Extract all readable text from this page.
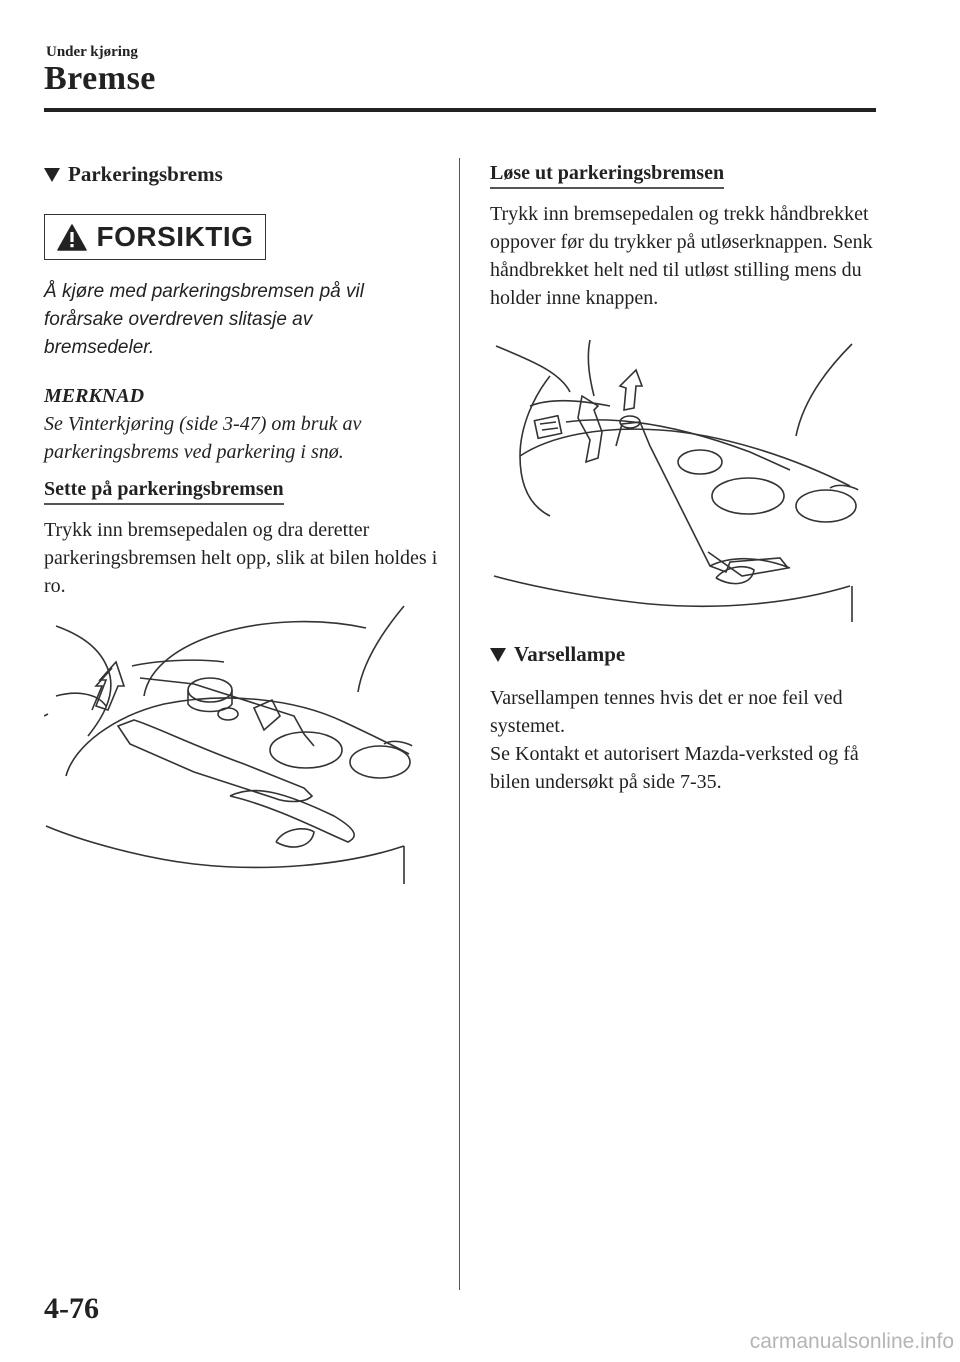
Under kjøring
Bremse
Parkeringsbrems
FORSIKTIG
Å kjøre med parkeringsbremsen på vil forårsake overdreven slitasje av bremsedeler.
MERKNAD
Se Vinterkjøring (side 3-47) om bruk av parkeringsbrems ved parkering i snø.
Sette på parkeringsbremsen
Trykk inn bremsepedalen og dra deretter parkeringsbremsen helt opp, slik at bilen holdes i ro.
Løse ut parkeringsbremsen
Trykk inn bremsepedalen og trekk håndbrekket oppover før du trykker på utløserknappen. Senk håndbrekket helt ned til utløst stilling mens du holder inne knappen.
Varsellampe
Varsellampen tennes hvis det er noe feil ved systemet.
Se Kontakt et autorisert Mazda-verksted og få bilen undersøkt på side 7-35.
4-76
carmanualsonline.info
